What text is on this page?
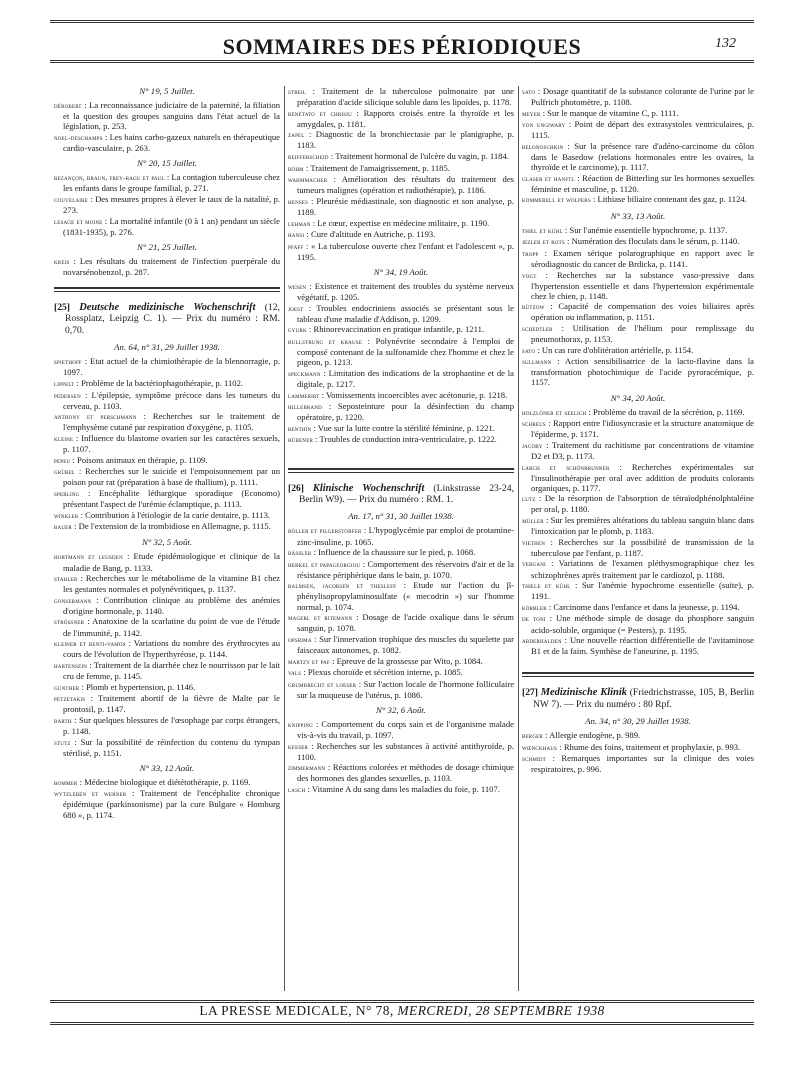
SOMMAIRES DES PÉRIODIQUES	132
N° 19, 5 Juillet.
dérobert : La reconnaissance judiciaire de la paternité, la filiation et la question des groupes sanguins dans l'état actuel de la législation, p. 253.
noel-deschamps : Les bains carbo-gazeux naturels en thérapeutique cardio-vasculaire, p. 263.
N° 20, 15 Juillet.
bezançon, braun, frey-ragu et paul : La contagion tuberculeuse chez les enfants dans le groupe familial, p. 271.
couvelaire : Des mesures propres à élever le taux de la natalité, p. 273.
lesage et moine : La mortalité infantile (0 à 1 an) pendant un siècle (1831-1935), p. 276.
N° 21, 25 Juillet.
kreis : Les résultats du traitement de l'infection puerpérale du novarsénobenzol, p. 287.
[25] Deutsche medizinische Wochenschrift (12, Rossplatz, Leipzig C. 1). — Prix du numéro : RM. 0,70.
An. 64, n° 31, 29 Juillet 1938.
spiethoff : Etat actuel de la chimiothérapie de la blennorragie, p. 1097.
lippelt : Problème de la bactériophagothérapie, p. 1102.
pedersen : L'épilepsie, symptôme précoce dans les tumeurs du cerveau, p. 1103.
anthony et perschmann : Recherches sur le traitement de l'emphysème cutané par respiration d'oxygène, p. 1105.
kleine : Influence du blastome ovarien sur les caractères sexuels, p. 1107.
pepeu : Poisons animaux en thérapie, p. 1109.
grübel : Recherches sur le suicide et l'empoisonnement par un poison pour rat (préparation à base de thallium), p. 1111.
sperling : Encéphalite léthargique sporadique (Economo) présentant l'aspect de l'urémie éclamptique, p. 1113.
winkler : Contribution à l'étiologie de la carie dentaire, p. 1113.
bauer : De l'extension de la trombidiose en Allemagne, p. 1115.
N° 32, 5 Août.
hortmann et leusden : Etude épidémiologique et clinique de la maladie de Bang, p. 1133.
stahler : Recherches sur le métabolisme de la vitamine B1 chez les gestantes normales et polynévritiques, p. 1137.
gonsermann : Contribution clinique au problème des anémies d'origine hormonale, p. 1140.
strössner : Anatoxine de la scarlatine du point de vue de l'étude de l'immunité, p. 1142.
kleiner et benti-vamos : Variations du nombre des érythrocytes au cours de l'évolution de l'hyperthyréose, p. 1144.
hartensein : Traitement de la diarrhée chez le nourrisson par le lait cru de femme, p. 1145.
günther : Plomb et hypertension, p. 1146.
petzetakis : Traitement abortif de la fièvre de Malte par le prontosil, p. 1147.
barth : Sur quelques blessures de l'œsophage par corps étrangers, p. 1148.
stutz : Sur la possibilité de réinfection du contenu du tympan stérilisé, p. 1151.
N° 33, 12 Août.
bommer : Médecine biologique et diététothérapie, p. 1169.
wytzleben et werner : Traitement de l'encéphalite chronique épidémique (parkinsonisme) par la cure Bulgare « Homburg 680 », p. 1174.
streil : Traitement de la tuberculose pulmonaire par une préparation d'acide silicique soluble dans les lipoïdes, p. 1178.
benetato et chrisiu : Rapports croisés entre la thyroïde et les amygdales, p. 1181.
zapel : Diagnostic de la bronchiectasie par le planigraphe, p. 1183.
reifferscheid : Traitement hormonal de l'ulcère du vagin, p. 1184.
böhm : Traitement de l'amaigrissement, p. 1185.
wahmmacher : Amélioration des résultats du traitement des tumeurs malignes (opération et radiothérapie), p. 1186.
henses : Pleurésie médiastinale, son diagnostic et son analyse, p. 1189.
lehman : Le cœur, expertise en médecine militaire, p. 1190.
hansi : Cure d'altitude en Autriche, p. 1193.
pfaff : « La tuberculose ouverte chez l'enfant et l'adolescent », p. 1195.
N° 34, 19 Août.
wesen : Existence et traitement des troubles du système nerveux végétatif, p. 1205.
joest : Troubles endocriniens associés se présentant sous le tableau d'une maladie d'Addison, p. 1209.
gyurk : Rhinorevaccination en pratique infantile, p. 1211.
hullstrung et krause : Polynévrite secondaire à l'emploi de composé contenant de la sulfonamide chez l'homme et chez le pigeon, p. 1213.
speckmann : Limitation des indications de la strophantine et de la digitale, p. 1217.
lammerirt : Vomissements incoercibles avec acétonurie, p. 1218.
hillebrand : Seposteinture pour la désinfection du champ opératoire, p. 1220.
benthin : Vue sur la lutte contre la stérilité féminine, p. 1221.
hübener : Troubles de conduction intra-ventriculaire, p. 1222.
[26] Klinische Wochenschrift (Linkstrasse 23-24, Berlin W9). — Prix du numéro : RM. 1.
An. 17, n° 31, 30 Juillet 1938.
böller et pilgerstorfer : L'hypoglycémie par emploi de protamine-zinc-insuline, p. 1065.
bässler : Influence de la chaussure sur le pied, p. 1068.
herkel et papageorgiou : Comportement des réservoirs d'air et de la résistance périphérique dans le bain, p. 1070.
balmsen, jacobsen et thesleff : Etude sur l'action du β-phénylisopropylaminosulfate (« mecodrin ») sur l'homme normal, p. 1074.
magerl et ritemann : Dosage de l'acide oxalique dans le sérum sanguin, p. 1078.
opsrima : Sur l'innervation trophique des muscles du squelette par faisceaux autonomes, p. 1082.
martzy et paf : Epreuve de la grossesse par Wito, p. 1084.
vals : Plexus choroïde et sécrétion interne, p. 1085.
grumbrecht et loeser : Sur l'action locale de l'hormone folliculaire sur la muqueuse de l'utérus, p. 1086.
N° 32, 6 Août.
knipping : Comportement du corps sain et de l'organisme malade vis-à-vis du travail, p. 1097.
keeser : Recherches sur les substances à activité antithyroïde, p. 1100.
zimmermann : Réactions colorées et méthodes de dosage chimique des hormones des glandes sexuelles, p. 1103.
lasch : Vitamine A du sang dans les maladies du foie, p. 1107.
sato : Dosage quantitatif de la substance colorante de l'urine par le Pulfrich photomètre, p. 1108.
meyer : Sur le manque de vitamine C, p. 1111.
von ungiwary : Point de départ des extrasystoles ventriculaires, p. 1115.
belonoschkin : Sur la présence rare d'adéno-carcinome du côlon dans le Basedow (relations hormonales entre les ovaires, la thyroïde et le carcinome), p. 1117.
glaser et hanftl : Réaction de Bitterling sur les hormones sexuelles féminine et masculine, p. 1120.
kommerell et wolpers : Lithiase biliaire contenant des gaz, p. 1124.
N° 33, 13 Août.
thiel et kühl : Sur l'anémie essentielle hypochrome, p. 1137.
jezler et rots : Numération des floculats dans le sérum, p. 1140.
tropp : Examen sérique polarographique en rapport avec le sérodiagnostic du cancer de Brdicka, p. 1141.
vogt : Recherches sur la substance vaso-pressive dans l'hypertension essentielle et dans l'hypertension expérimentale chez le chien, p. 1148.
bützow : Capacité de compensation des voies biliaires après opération ou inflammation, p. 1151.
schedtler : Utilisation de l'hélium pour remplissage du pneumothorax, p. 1153.
sato : Un cas rare d'oblitération artérielle, p. 1154.
sullmann : Action sensibilisatrice de la lacto-flavine dans la transformation photochimique de l'acide pyroracémique, p. 1157.
N° 34, 20 Août.
holzlöner et seelich : Problème du travail de la sécrétion, p. 1169.
schreus : Rapport entre l'idiosyncrasie et la structure anatomique de l'épiderme, p. 1171.
jacoby : Traitement du rachitisme par concentrations de vitamine D2 et D3, p. 1173.
larch et schönbrunner : Recherches expérimentales sur l'insulinothérapie per oral avec addition de produits colorants organiques, p. 1177.
lutz : De la résorption de l'absorption de tétraïodphénolphtaléine per oral, p. 1180.
müller : Sur les premières altérations du tableau sanguin blanc dans l'intoxication par le plomb, p. 1183.
viethen : Recherches sur la possibilité de transmission de la tuberculose par l'enfant, p. 1187.
vergani : Variations de l'examen pléthysmographique chez les schizophrènes après traitement par le cardiozol, p. 1188.
thiele et kühl : Sur l'anémie hypochrome essentielle (suite), p. 1191.
körbler : Carcinome dans l'enfance et dans la jeunesse, p. 1194.
de toni : Une méthode simple de dosage du phosphore sanguin acido-soluble, organique (= Pesters), p. 1195.
abderhalden : Une nouvelle réaction différentielle de l'avitaminose B1 et de la faim. Synthèse de l'aneurine, p. 1195.
[27] Medizinische Klinik (Friedrichstrasse, 105, B, Berlin NW 7). — Prix du numéro : 80 Rpf.
An. 34, n° 30, 29 Juillet 1938.
berger : Allergie endogène, p. 989.
wœnckhaus : Rhume des foins, traitement et prophylaxie, p. 993.
schmidt : Remarques importantes sur la clinique des voies respiratoires, p. 996.
LA PRESSE MEDICALE, N° 78, MERCREDI, 28 SEPTEMBRE 1938
